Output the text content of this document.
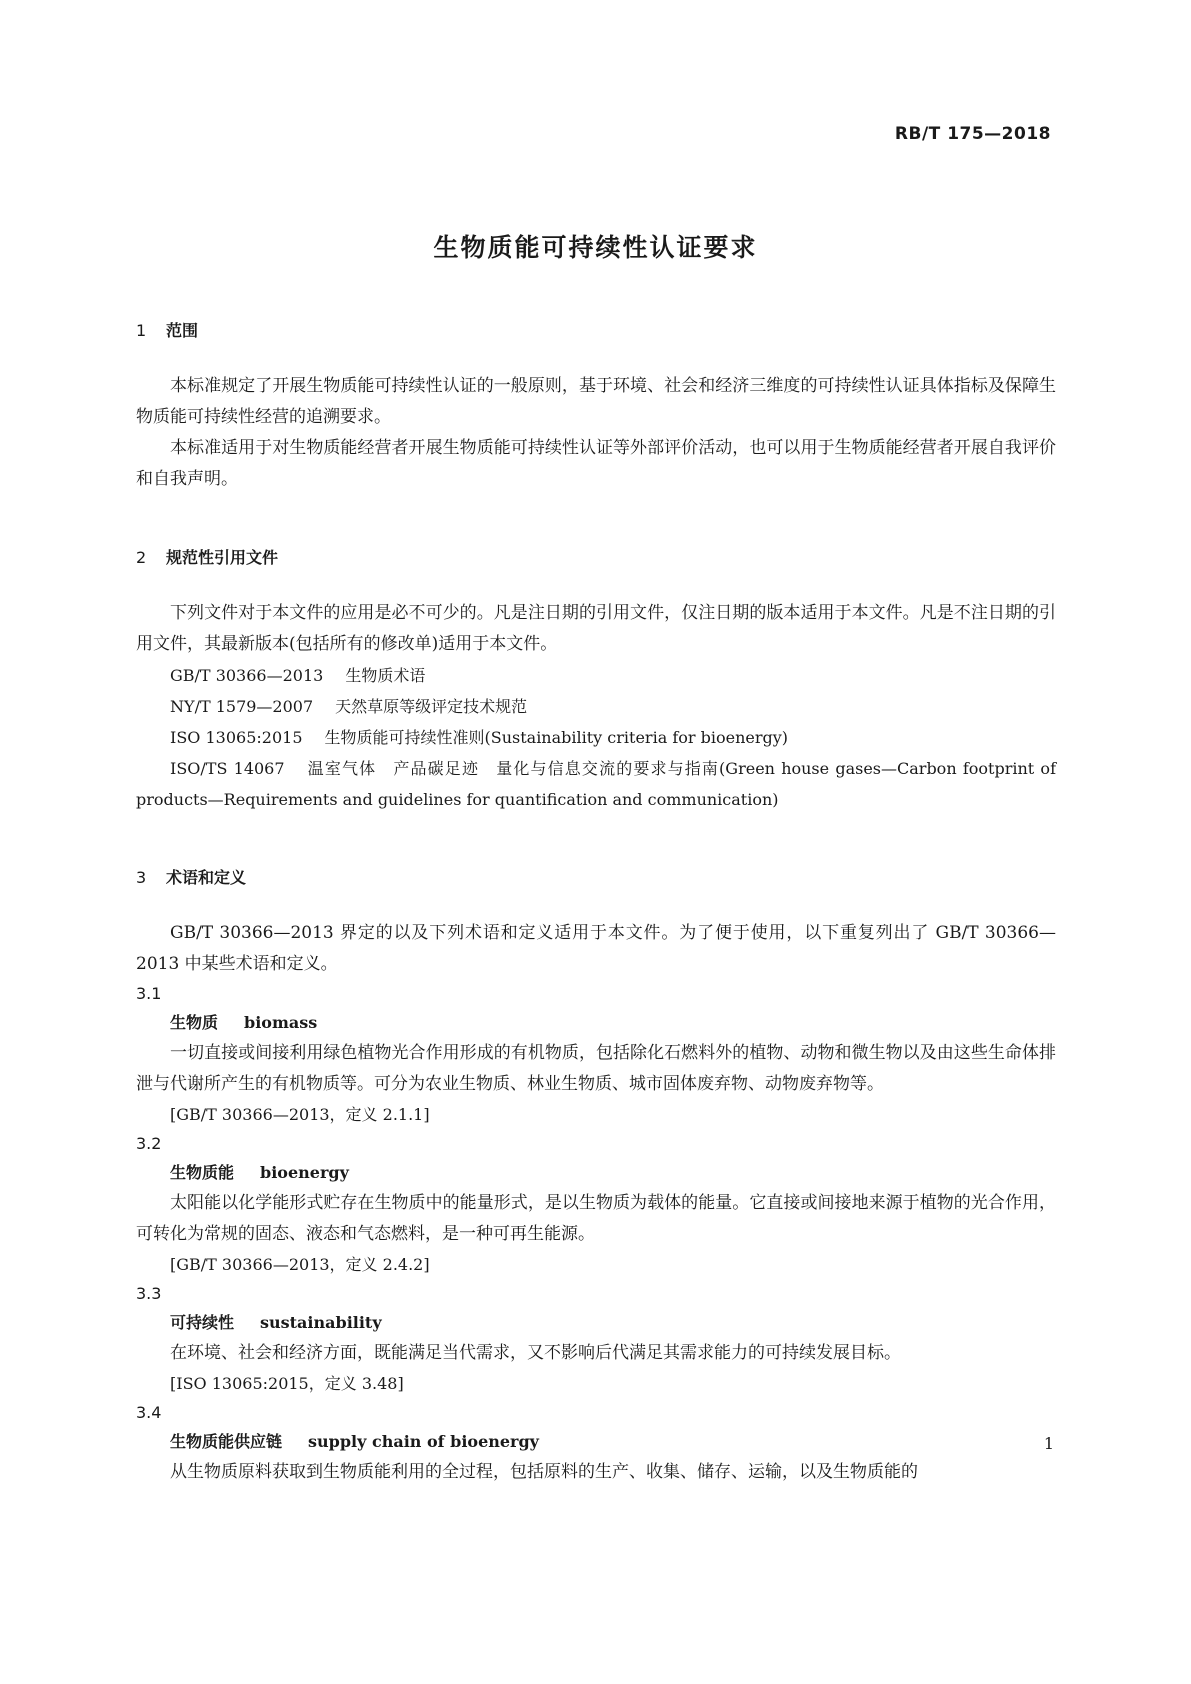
RB/T 175—2018
生物质能可持续性认证要求

1 范围

本标准规定了开展生物质能可持续性认证的一般原则，基于环境、社会和经济三维度的可持续性认证具体指标及保障生物质能可持续性经营的追溯要求。

本标准适用于对生物质能经营者开展生物质能可持续性认证等外部评价活动，也可以用于生物质能经营者开展自我评价和自我声明。

2 规范性引用文件

下列文件对于本文件的应用是必不可少的。凡是注日期的引用文件，仅注日期的版本适用于本文件。凡是不注日期的引用文件，其最新版本(包括所有的修改单)适用于本文件。

GB/T 30366—2013 生物质术语

NY/T 1579—2007 天然草原等级评定技术规范

ISO 13065:2015 生物质能可持续性准则(Sustainability criteria for bioenergy)

ISO/TS 14067 温室气体　产品碳足迹　量化与信息交流的要求与指南(Green house gases—Carbon footprint of products—Requirements and guidelines for quantification and communication)

3 术语和定义

GB/T 30366—2013 界定的以及下列术语和定义适用于本文件。为了便于使用，以下重复列出了 GB/T 30366—2013 中某些术语和定义。

3.1

生物质 biomass

一切直接或间接利用绿色植物光合作用形成的有机物质，包括除化石燃料外的植物、动物和微生物以及由这些生命体排泄与代谢所产生的有机物质等。可分为农业生物质、林业生物质、城市固体废弃物、动物废弃物等。

[GB/T 30366—2013，定义 2.1.1]

3.2

生物质能 bioenergy

太阳能以化学能形式贮存在生物质中的能量形式，是以生物质为载体的能量。它直接或间接地来源于植物的光合作用，可转化为常规的固态、液态和气态燃料，是一种可再生能源。

[GB/T 30366—2013，定义 2.4.2]

3.3

可持续性 sustainability

在环境、社会和经济方面，既能满足当代需求，又不影响后代满足其需求能力的可持续发展目标。

[ISO 13065:2015，定义 3.48]

3.4

生物质能供应链 supply chain of bioenergy

从生物质原料获取到生物质能利用的全过程，包括原料的生产、收集、储存、运输，以及生物质能的

1
